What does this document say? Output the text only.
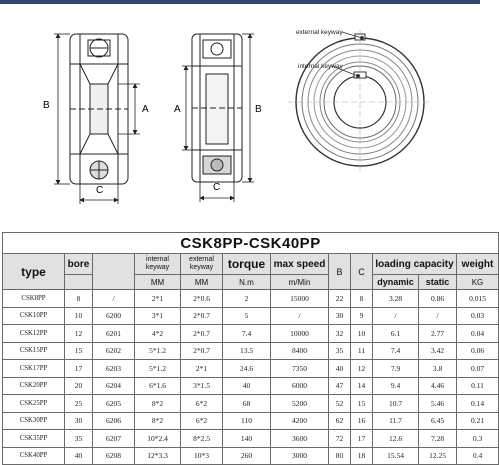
B	A
C
A	B
C
external keyway
internal keyway
CSK8PP-CSK40PP											
type	bore		internal keyway	external keyway	torque	max speed	B	C	loading capacity		weight
			MM	MM	N.m	m/Min			dynamic	static	KG
CSK8PP	8	/	2*1	2*0.6	2	15000	22	8	3.28	0.86	0.015
CSK10PP	10	6200	3*1	2*0.7	5	/	30	9	/	/	0.03
CSK12PP	12	6201	4*2	2*0.7	7.4	10000	32	10	6.1	2.77	0.04
CSK15PP	15	6202	5*1.2	2*0.7	13.5	8400	35	11	7.4	3.42	0.06
CSK17PP	17	6203	5*1.2	2*1	24.6	7350	40	12	7.9	3.8	0.07
CSK20PP	20	6204	6*1.6	3*1.5	40	6000	47	14	9.4	4.46	0.11
CSK25PP	25	6205	8*2	6*2	68	5200	52	15	10.7	5.46	0.14
CSK30PP	30	6206	8*2	6*2	110	4200	62	16	11.7	6.45	0.21
CSK35PP	35	6207	10*2.4	8*2.5	140	3600	72	17	12.6	7.28	0.3
CSK40PP	40	6208	12*3.3	10*3	260	3000	80	18	15.54	12.25	0.4
